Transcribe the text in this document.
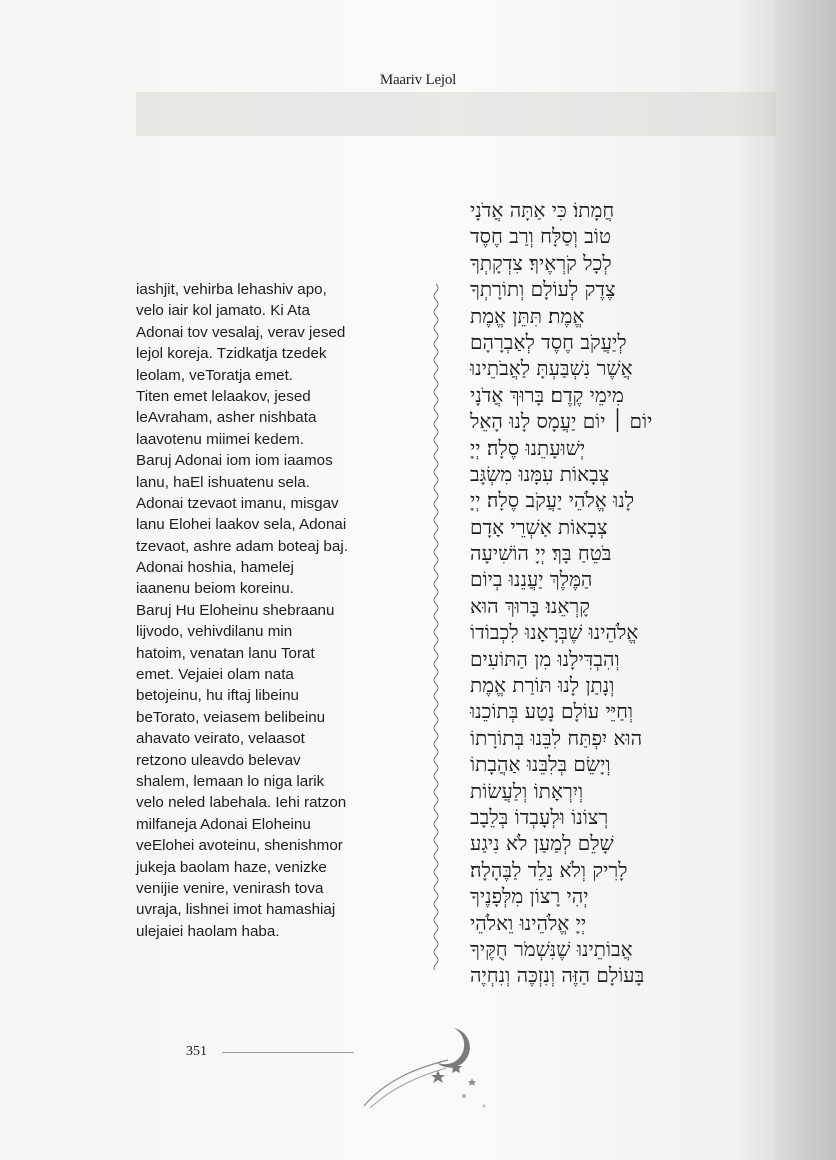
Maariv Lejol
iashjit, vehirba lehashiv apo,
velo iair kol jamato. Ki Ata
Adonai tov vesalaj, verav jesed
lejol koreja. Tzidkatja tzedek
leolam, veToratja emet.
Titen emet lelaakov, jesed
leAvraham, asher nishbata
laavotenu miimei kedem.
Baruj Adonai iom iom iaamos
lanu, haEl ishuatenu sela.
Adonai tzevaot imanu, misgav
lanu Elohei laakov sela, Adonai
tzevaot, ashre adam boteaj baj.
Adonai hoshia, hamelej
iaanenu beiom koreinu.
Baruj Hu Eloheinu shebraanu
lijvodo, vehivdilanu min
hatoim, venatan lanu Torat
emet. Vejaiei olam nata
betojeinu, hu iftaj libeinu
beTorato, veiasem belibeinu
ahavato veirato, velaasot
retzono uleavdo belevav
shalem, lemaan lo niga larik
velo neled labehala. Iehi ratzon
milfaneja Adonai Eloheinu
veElohei avoteinu, shenishmor
jukeja baolam haze, venizke
venijie venire, venirash tova
uvraja, lishnei imot hamashiaj
ulejaiei haolam haba.
חֲמָתוֹ׃ כִּי אַתָּה אֲדֹנָי
טוֹב וְסַלָּח וְרַב חֶסֶד
לְכָל קֹרְאֶיךָ׃ צִדְקָתְךָ
צֶדֶק לְעוֹלָם וְתוֹרָתְךָ
אֱמֶת׃ תִּתֵּן אֱמֶת
לְיַעֲקֹב חֶסֶד לְאַבְרָהָם
אֲשֶׁר נִשְׁבַּעְתָּ לַאֲבֹתֵינוּ
מִימֵי קֶדֶם׃ בָּרוּךְ אֲדֹנָי
יוֹם ׀ יוֹם יַעֲמָס לָנוּ הָאֵל
יְשׁוּעָתֵנוּ סֶלָה׃ יְיָ
צְבָאוֹת עִמָּנוּ מִשְׂגָּב
לָנוּ אֱלֹהֵי יַעֲקֹב סֶלָה׃ יְיָ
צְבָאוֹת אַשְׁרֵי אָדָם
בֹּטֵחַ בָּךְ׃ יְיָ הוֹשִׁיעָה
הַמֶּלֶךְ יַעֲנֵנוּ בְיוֹם
קָרְאֵנוּ׃ בָּרוּךְ הוּא
אֱלֹהֵינוּ שֶׁבְּרָאָנוּ לִכְבוֹדוֹ
וְהִבְדִּילָנוּ מִן הַתּוֹעִים
וְנָתַן לָנוּ תּוֹרַת אֱמֶת
וְחַיֵּי עוֹלָם נָטַע בְּתוֹכֵנוּ
הוּא יִפְתַּח לִבֵּנוּ בְּתוֹרָתוֹ
וְיָשֵׂם בְּלִבֵּנוּ אַהֲבָתוֹ
וְיִרְאָתוֹ וְלַעֲשׂוֹת
רְצוֹנוֹ וּלְעָבְדוֹ בְּלֵבָב
שָׁלֵם לְמַעַן לֹא נִיגַע
לָרִיק וְלֹא נֵלֵד לַבֶּהָלָה׃
יְהִי רָצוֹן מִלְּפָנֶיךָ
יְיָ אֱלֹהֵינוּ וֵאלֹהֵי
אֲבוֹתֵינוּ שֶׁנִּשְׁמֹר חֻקֶּיךָ
בָּעוֹלָם הַזֶּה וְנִזְכֶּה וְנִחְיֶה
351
